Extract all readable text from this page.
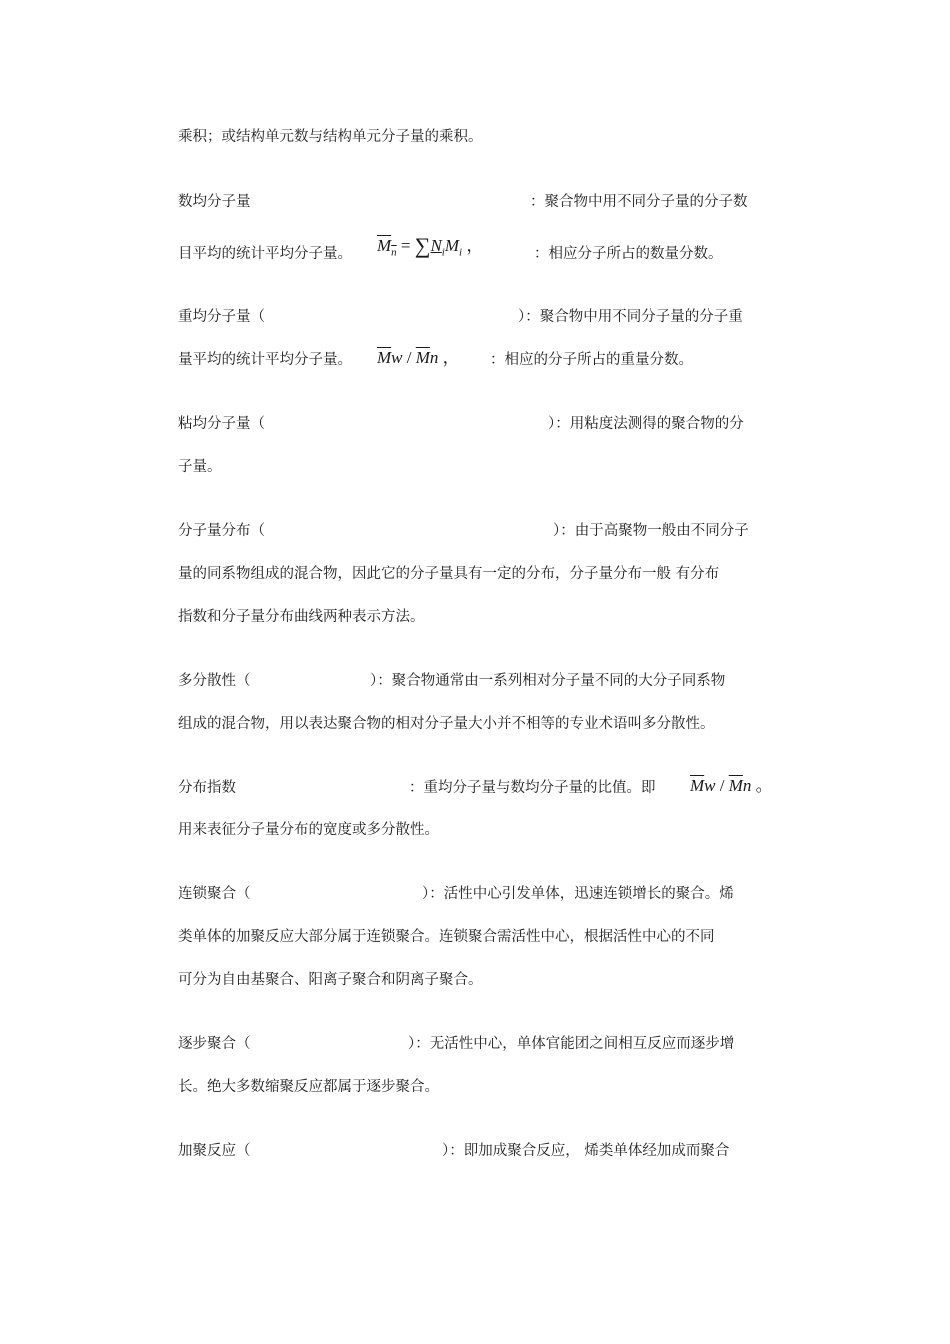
乘积；或结构单元数与结构单元分子量的乘积。
数均分子量	：聚合物中用不同分子量的分子数
目平均的统计平均分子量。 $M_n = \sum N_iM_i$ ，	：相应分子所占的数量分数。
重均分子量（	）：聚合物中用不同分子量的分子重
量平均的统计平均分子量。 $\overline{M}w / \overline{M}n$ ， ：相应的分子所占的重量分数。
粘均分子量（	）：用粘度法测得的聚合物的分
子量。
分子量分布（	）：由于高聚物一般由不同分子
量的同系物组成的混合物，因此它的分子量具有一定的分布，分子量分布一般 有分布
指数和分子量分布曲线两种表示方法。
多分散性（	）：聚合物通常由一系列相对分子量不同的大分子同系物
组成的混合物，用以表达聚合物的相对分子量大小并不相等的专业术语叫多分散性。
分布指数	：重均分子量与数均分子量的比值。即 $\overline{M}w / \overline{M}n$ 。
用来表征分子量分布的宽度或多分散性。
连锁聚合（	）：活性中心引发单体，迅速连锁增长的聚合。烯
类单体的加聚反应大部分属于连锁聚合。连锁聚合需活性中心，根据活性中心的不同
可分为自由基聚合、阳离子聚合和阴离子聚合。
逐步聚合（	）：无活性中心，单体官能团之间相互反应而逐步增
长。绝大多数缩聚反应都属于逐步聚合。
加聚反应（	）：即加成聚合反应， 烯类单体经加成而聚合
